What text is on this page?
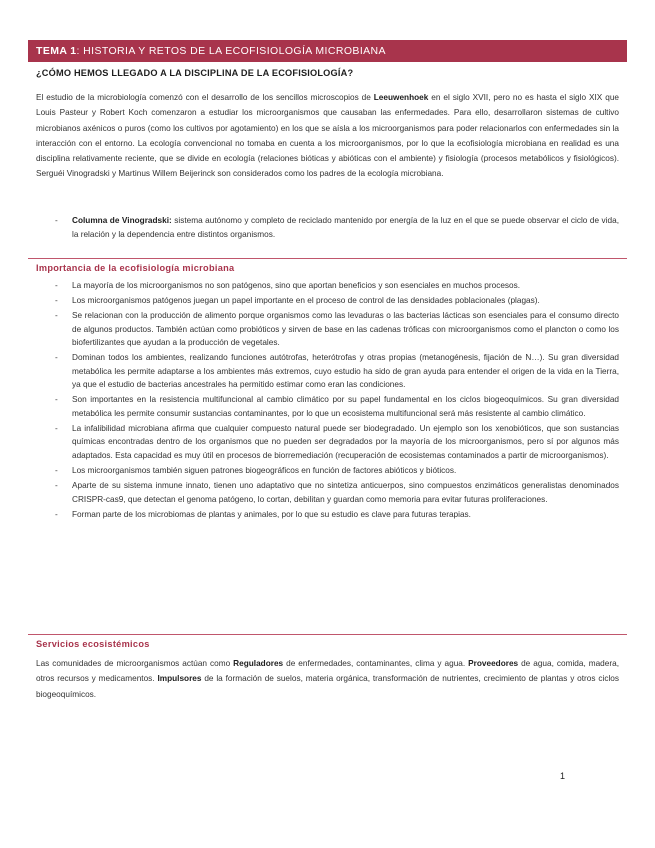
TEMA 1: HISTORIA Y RETOS DE LA ECOFISIOLOGÍA MICROBIANA
¿CÓMO HEMOS LLEGADO A LA DISCIPLINA DE LA ECOFISIOLOGÍA?
El estudio de la microbiología comenzó con el desarrollo de los sencillos microscopios de Leeuwenhoek en el siglo XVII, pero no es hasta el siglo XIX que Louis Pasteur y Robert Koch comenzaron a estudiar los microorganismos que causaban las enfermedades. Para ello, desarrollaron sistemas de cultivo microbianos axénicos o puros (como los cultivos por agotamiento) en los que se aísla a los microorganismos para poder relacionarlos con enfermedades sin la interacción con el entorno. La ecología convencional no tomaba en cuenta a los microorganismos, por lo que la ecofisiología microbiana en realidad es una disciplina relativamente reciente, que se divide en ecología (relaciones bióticas y abióticas con el ambiente) y fisiología (procesos metabólicos y fisiológicos). Serguéi Vinogradski y Martinus Willem Beijerinck son considerados como los padres de la ecología microbiana.
- Columna de Vinogradski: sistema autónomo y completo de reciclado mantenido por energía de la luz en el que se puede observar el ciclo de vida, la relación y la dependencia entre distintos organismos.
Importancia de la ecofisiología microbiana
- La mayoría de los microorganismos no son patógenos, sino que aportan beneficios y son esenciales en muchos procesos.
- Los microorganismos patógenos juegan un papel importante en el proceso de control de las densidades poblacionales (plagas).
- Se relacionan con la producción de alimento porque organismos como las levaduras o las bacterias lácticas son esenciales para el consumo directo de algunos productos. También actúan como probióticos y sirven de base en las cadenas tróficas con microorganismos como el plancton o como los biofertilizantes que ayudan a la producción de vegetales.
- Dominan todos los ambientes, realizando funciones autótrofas, heterótrofas y otras propias (metanogénesis, fijación de N…). Su gran diversidad metabólica les permite adaptarse a los ambientes más extremos, cuyo estudio ha sido de gran ayuda para entender el origen de la vida en la Tierra, ya que el estudio de bacterias ancestrales ha permitido estimar como eran las condiciones.
- Son importantes en la resistencia multifuncional al cambio climático por su papel fundamental en los ciclos biogeoquímicos. Su gran diversidad metabólica les permite consumir sustancias contaminantes, por lo que un ecosistema multifuncional será más resistente al cambio climático.
- La infalibilidad microbiana afirma que cualquier compuesto natural puede ser biodegradado. Un ejemplo son los xenobióticos, que son sustancias químicas encontradas dentro de los organismos que no pueden ser degradados por la mayoría de los microorganismos, pero sí por algunos más adaptados. Esta capacidad es muy útil en procesos de biorremediación (recuperación de ecosistemas contaminados a partir de microorganismos).
- Los microorganismos también siguen patrones biogeográficos en función de factores abióticos y bióticos.
- Aparte de su sistema inmune innato, tienen uno adaptativo que no sintetiza anticuerpos, sino compuestos enzimáticos generalistas denominados CRISPR-cas9, que detectan el genoma patógeno, lo cortan, debilitan y guardan como memoria para evitar futuras proliferaciones.
- Forman parte de los microbiomas de plantas y animales, por lo que su estudio es clave para futuras terapias.
Servicios ecosistémicos
Las comunidades de microorganismos actúan como Reguladores de enfermedades, contaminantes, clima y agua. Proveedores de agua, comida, madera, otros recursos y medicamentos. Impulsores de la formación de suelos, materia orgánica, transformación de nutrientes, crecimiento de plantas y otros ciclos biogeoquímicos.
1
